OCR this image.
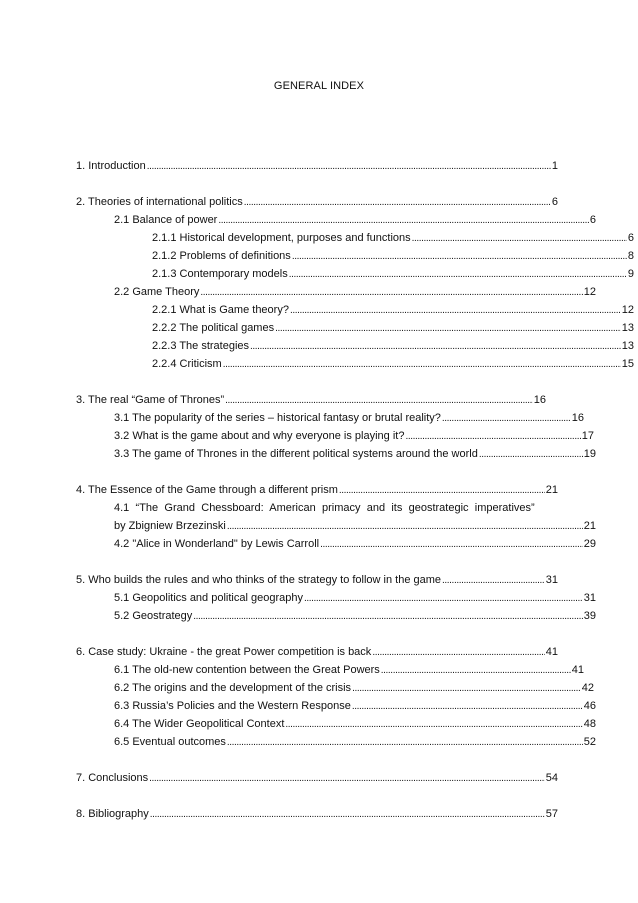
GENERAL INDEX
1. Introduction .....	1
2. Theories of international politics .....	6
2.1 Balance of power .....	6
2.1.1 Historical development, purposes and functions .....	6
2.1.2 Problems of definitions .....	8
2.1.3 Contemporary models .....	9
2.2 Game Theory .....	12
2.2.1 What is Game theory? .....	12
2.2.2 The political games .....	13
2.2.3 The strategies .....	13
2.2.4 Criticism .....	15
3. The real “Game of Thrones” .....	16
3.1 The popularity of the series – historical fantasy or brutal reality? .....	16
3.2 What is the game about and why everyone is playing it? .....	17
3.3 The game of Thrones in the different political systems around the world .....	19
4. The Essence of the Game through a different prism .....	21
4.1 “The Grand Chessboard: American primacy and its geostrategic imperatives”
by Zbigniew Brzezinski .....	21
4.2 "Alice in Wonderland" by Lewis Carroll .....	29
5. Who builds the rules and who thinks of the strategy to follow in the game .....	31
5.1 Geopolitics and political geography .....	31
5.2 Geostrategy .....	39
6. Case study: Ukraine - the great Power competition is back .....	41
6.1 The old-new contention between the Great Powers .....	41
6.2 The origins and the development of the crisis .....	42
6.3 Russia’s Policies and the Western Response .....	46
6.4 The Wider Geopolitical Context .....	48
6.5 Eventual outcomes .....	52
7. Conclusions .....	54
8. Bibliography .....	57
